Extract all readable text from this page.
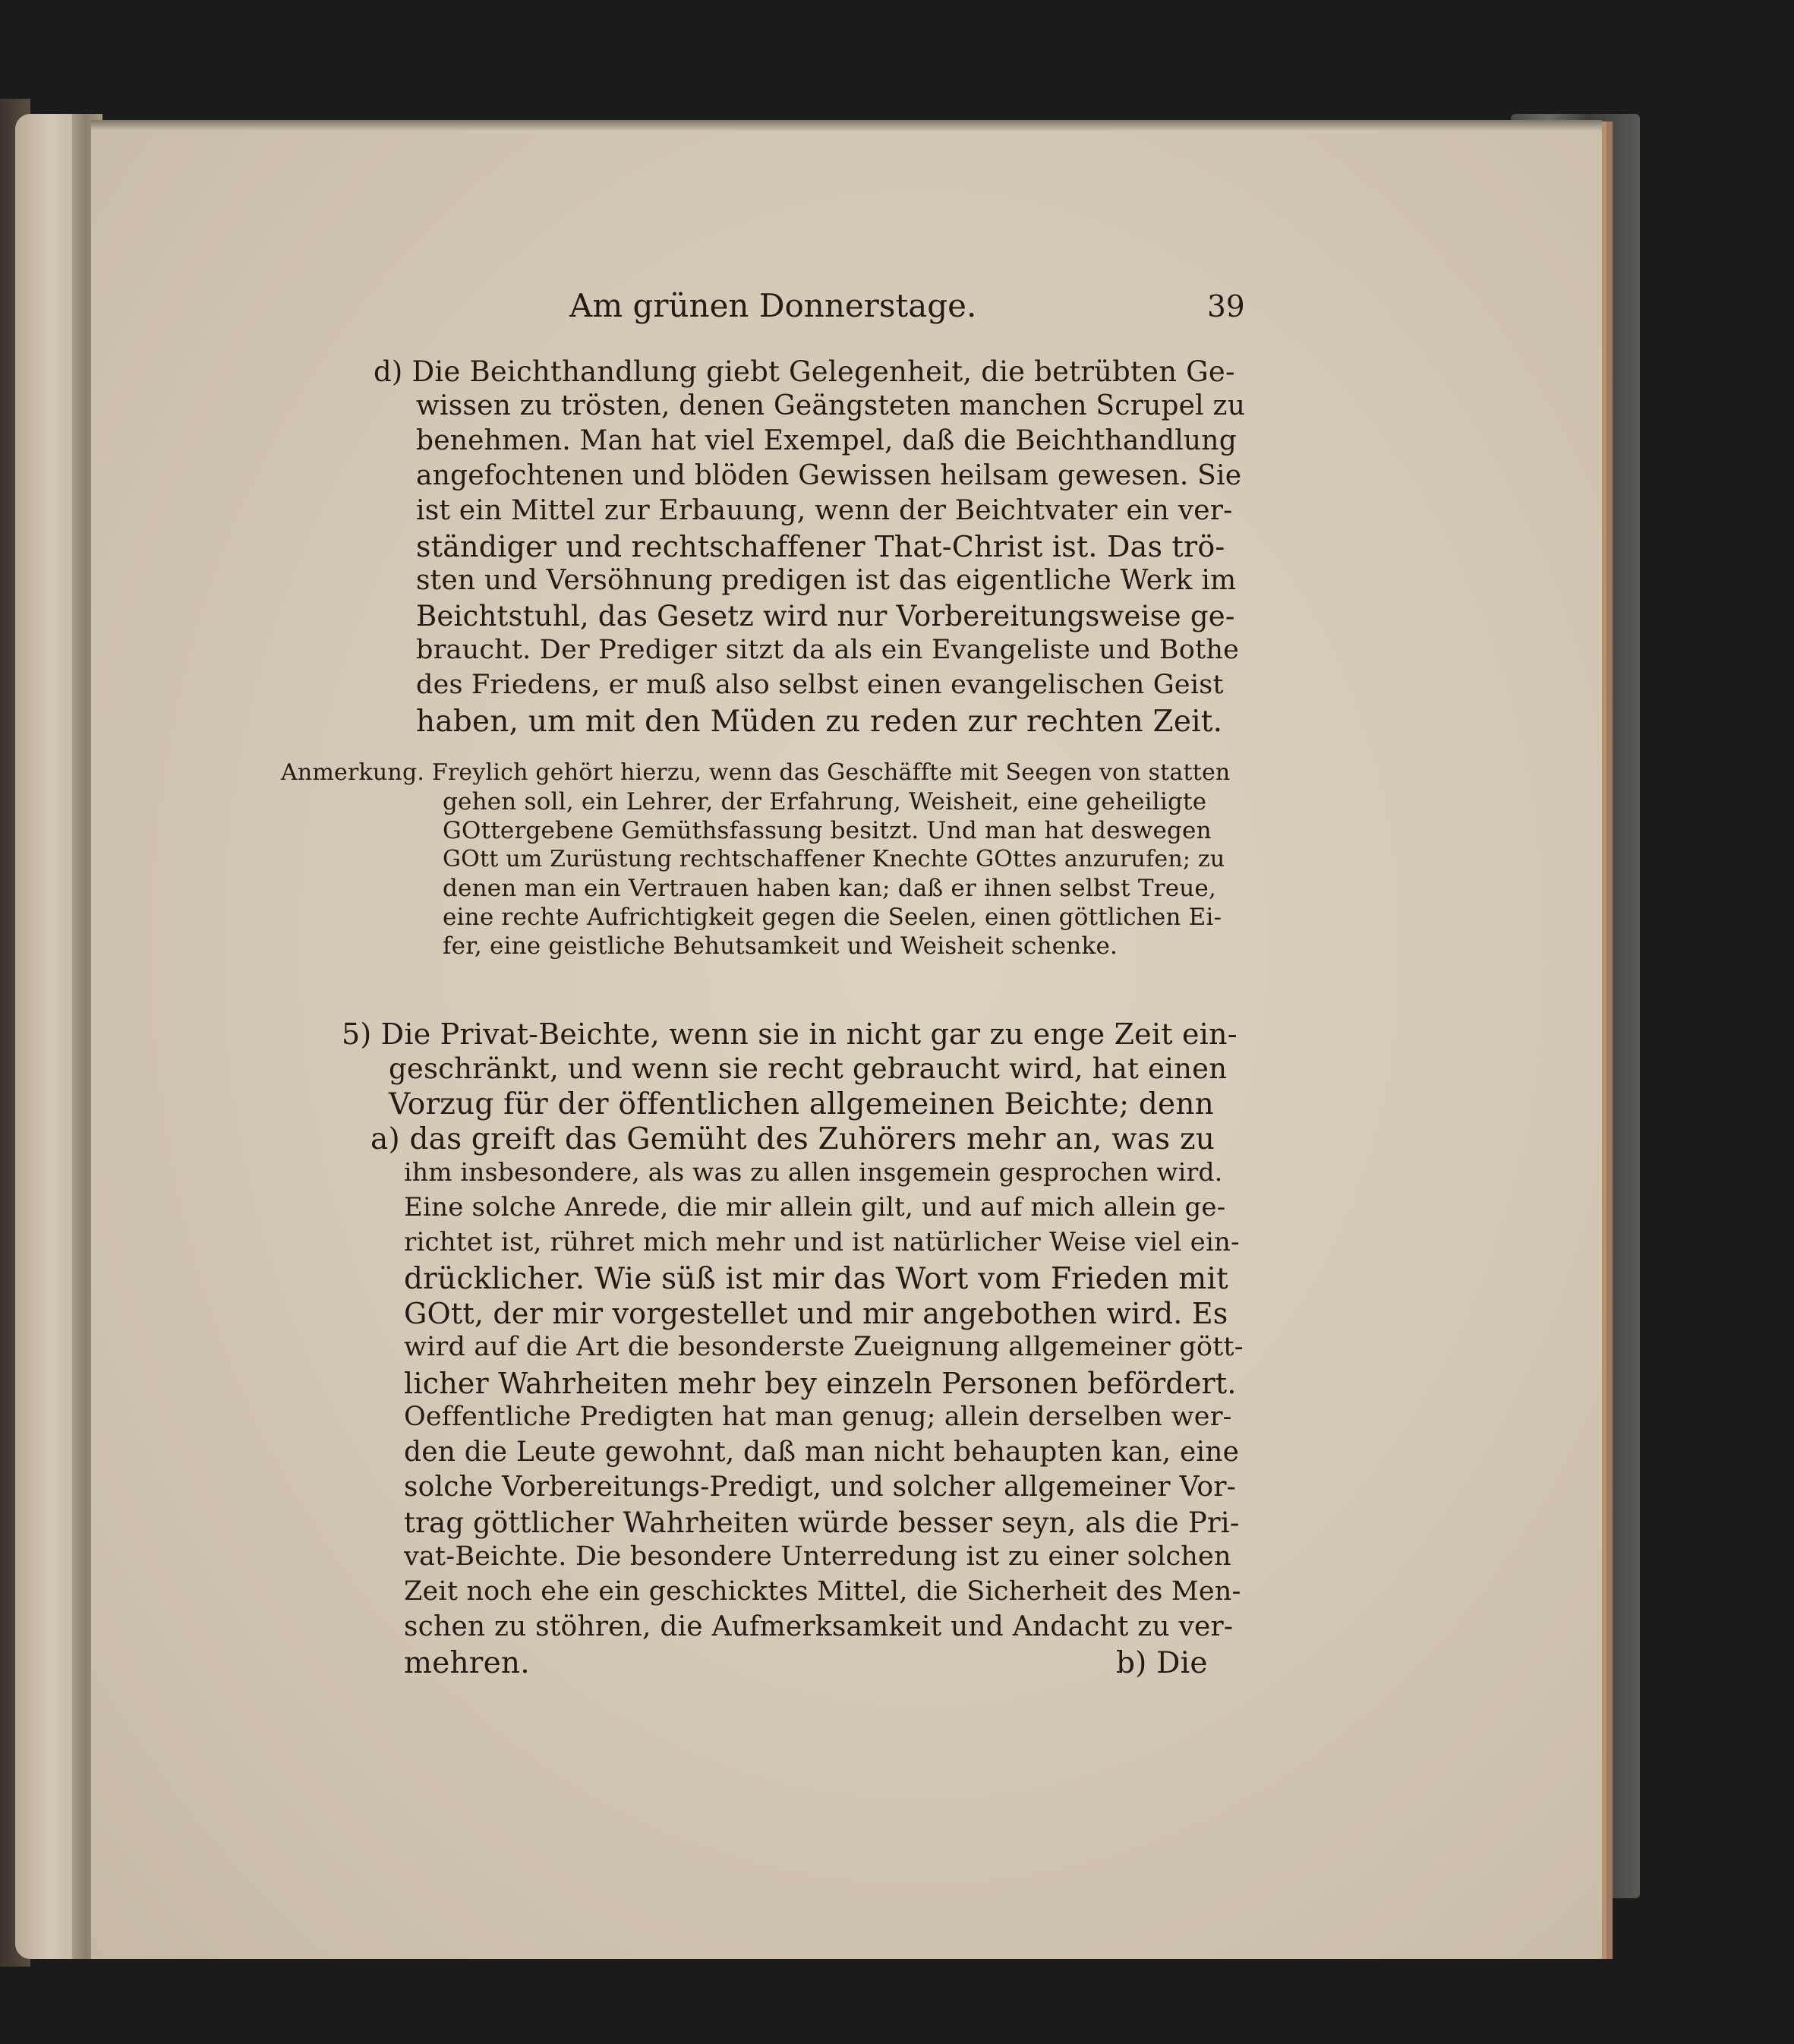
Am grünen Donnerstage.	39
d) Die Beichthandlung giebt Gelegenheit, die betrübten Ge-
wissen zu trösten, denen Geängsteten manchen Scrupel zu
benehmen. Man hat viel Exempel, daß die Beichthandlung
angefochtenen und blöden Gewissen heilsam gewesen. Sie
ist ein Mittel zur Erbauung, wenn der Beichtvater ein ver-
ständiger und rechtschaffener That-Christ ist. Das trö-
sten und Versöhnung predigen ist das eigentliche Werk im
Beichtstuhl, das Gesetz wird nur Vorbereitungsweise ge-
braucht. Der Prediger sitzt da als ein Evangeliste und Bothe
des Friedens, er muß also selbst einen evangelischen Geist
haben, um mit den Müden zu reden zur rechten Zeit.
Anmerkung. Freylich gehört hierzu, wenn das Geschäffte mit Seegen von statten
gehen soll, ein Lehrer, der Erfahrung, Weisheit, eine geheiligte
GOttergebene Gemüthsfassung besitzt. Und man hat deswegen
GOtt um Zurüstung rechtschaffener Knechte GOttes anzurufen; zu
denen man ein Vertrauen haben kan; daß er ihnen selbst Treue,
eine rechte Aufrichtigkeit gegen die Seelen, einen göttlichen Ei-
fer, eine geistliche Behutsamkeit und Weisheit schenke.
5) Die Privat-Beichte, wenn sie in nicht gar zu enge Zeit ein-
geschränkt, und wenn sie recht gebraucht wird, hat einen
Vorzug für der öffentlichen allgemeinen Beichte; denn
a) das greift das Gemüht des Zuhörers mehr an, was zu
ihm insbesondere, als was zu allen insgemein gesprochen wird.
Eine solche Anrede, die mir allein gilt, und auf mich allein ge-
richtet ist, rühret mich mehr und ist natürlicher Weise viel ein-
drücklicher. Wie süß ist mir das Wort vom Frieden mit
GOtt, der mir vorgestellet und mir angebothen wird. Es
wird auf die Art die besonderste Zueignung allgemeiner gött-
licher Wahrheiten mehr bey einzeln Personen befördert.
Oeffentliche Predigten hat man genug; allein derselben wer-
den die Leute gewohnt, daß man nicht behaupten kan, eine
solche Vorbereitungs-Predigt, und solcher allgemeiner Vor-
trag göttlicher Wahrheiten würde besser seyn, als die Pri-
vat-Beichte. Die besondere Unterredung ist zu einer solchen
Zeit noch ehe ein geschicktes Mittel, die Sicherheit des Men-
schen zu stöhren, die Aufmerksamkeit und Andacht zu ver-
mehren.	b) Die
